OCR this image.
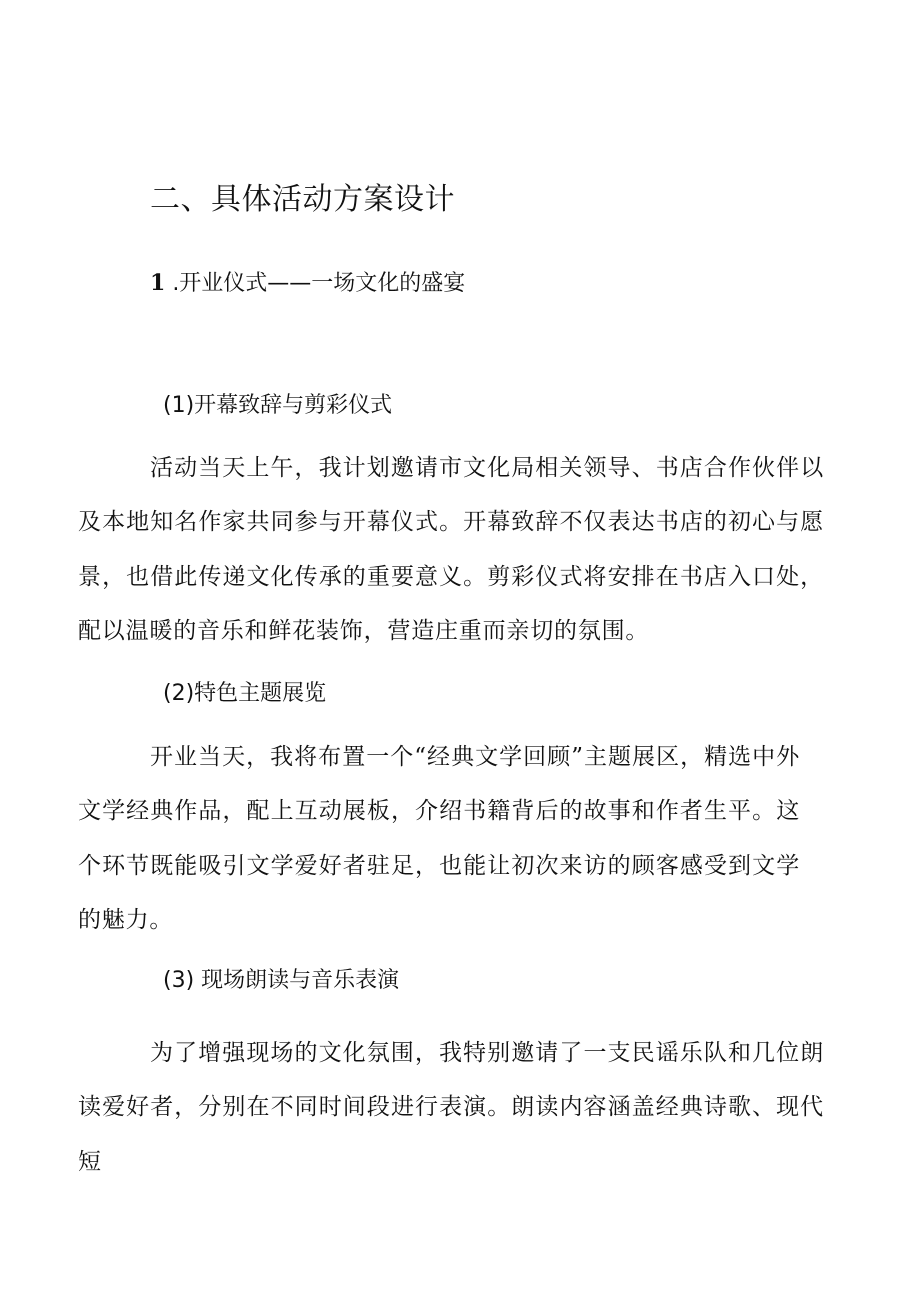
二、具体活动方案设计
1 .开业仪式——一场文化的盛宴
(1)开幕致辞与剪彩仪式

活动当天上午，我计划邀请市文化局相关领导、书店合作伙伴以及本地知名作家共同参与开幕仪式。开幕致辞不仅表达书店的初心与愿景，也借此传递文化传承的重要意义。剪彩仪式将安排在书店入口处，配以温暖的音乐和鲜花装饰，营造庄重而亲切的氛围。

(2)特色主题展览

开业当天，我将布置一个“经典文学回顾”主题展区，精选中外文学经典作品，配上互动展板，介绍书籍背后的故事和作者生平。这个环节既能吸引文学爱好者驻足，也能让初次来访的顾客感受到文学的魅力。

(3) 现场朗读与音乐表演

为了增强现场的文化氛围，我特别邀请了一支民谣乐队和几位朗读爱好者，分别在不同时间段进行表演。朗读内容涵盖经典诗歌、现代短
